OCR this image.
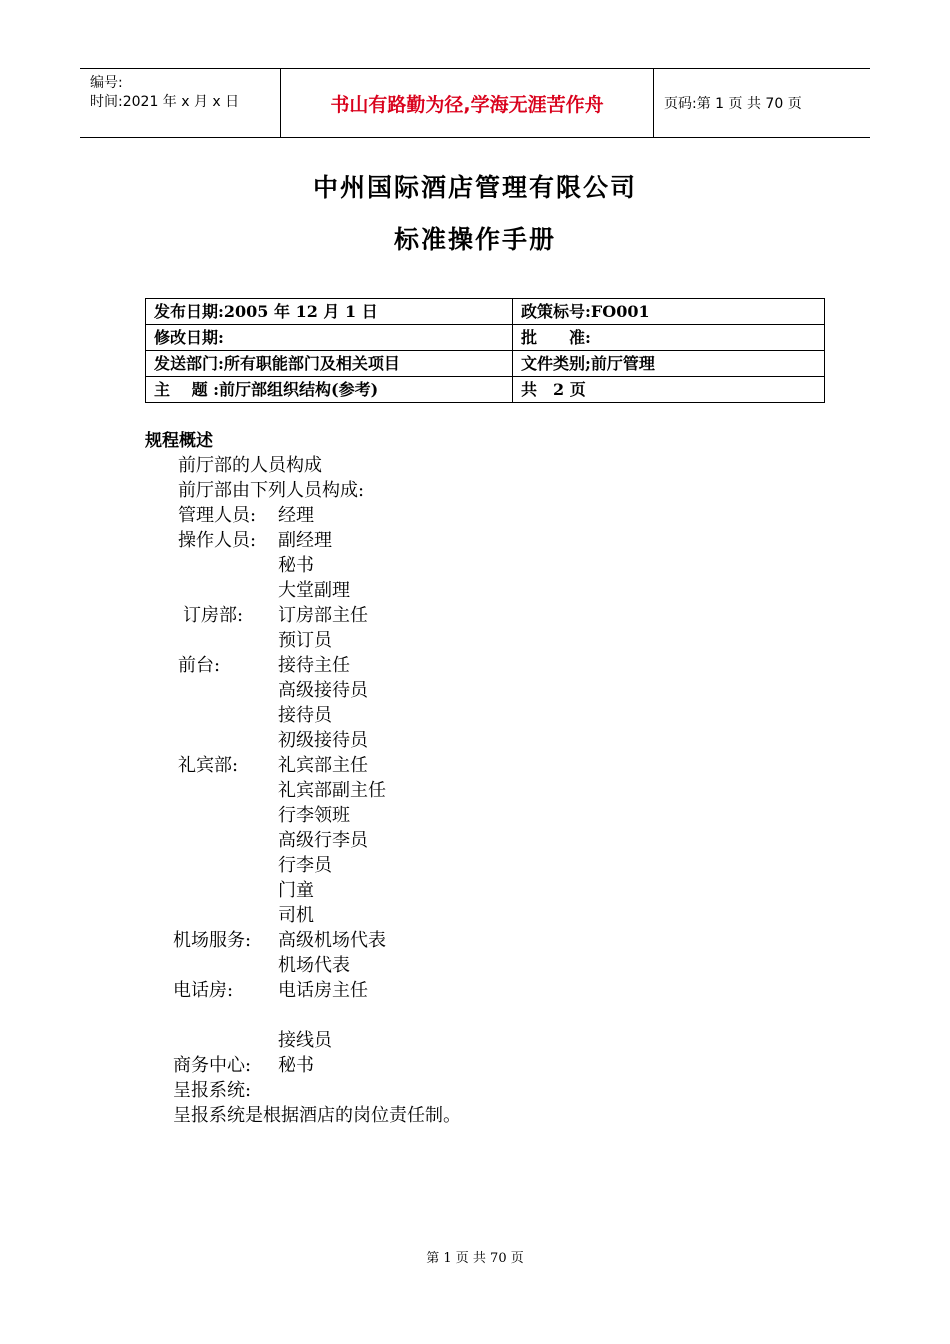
编号:
时间:2021 年 x 月 x 日	书山有路勤为径,学海无涯苦作舟	页码:第 1 页 共 70 页
中州国际酒店管理有限公司
标准操作手册
发布日期:2005 年 12 月 1 日	政策标号:FO001
修改日期:	批　　准:
发送部门:所有职能部门及相关项目	文件类别;前厅管理
主　 题 :前厅部组织结构(参考)	共　2 页
规程概述
前厅部的人员构成
前厅部由下列人员构成:
管理人员: 经理
操作人员: 副经理
秘书
大堂副理
订房部: 订房部主任
预订员
前台:	接待主任
高级接待员
接待员
初级接待员
礼宾部: 礼宾部主任
礼宾部副主任
行李领班
高级行李员
行李员
门童
司机
机场服务: 高级机场代表
机场代表
电话房: 电话房主任
接线员
商务中心: 秘书
呈报系统:
呈报系统是根据酒店的岗位责任制。
第 1 页 共 70 页
